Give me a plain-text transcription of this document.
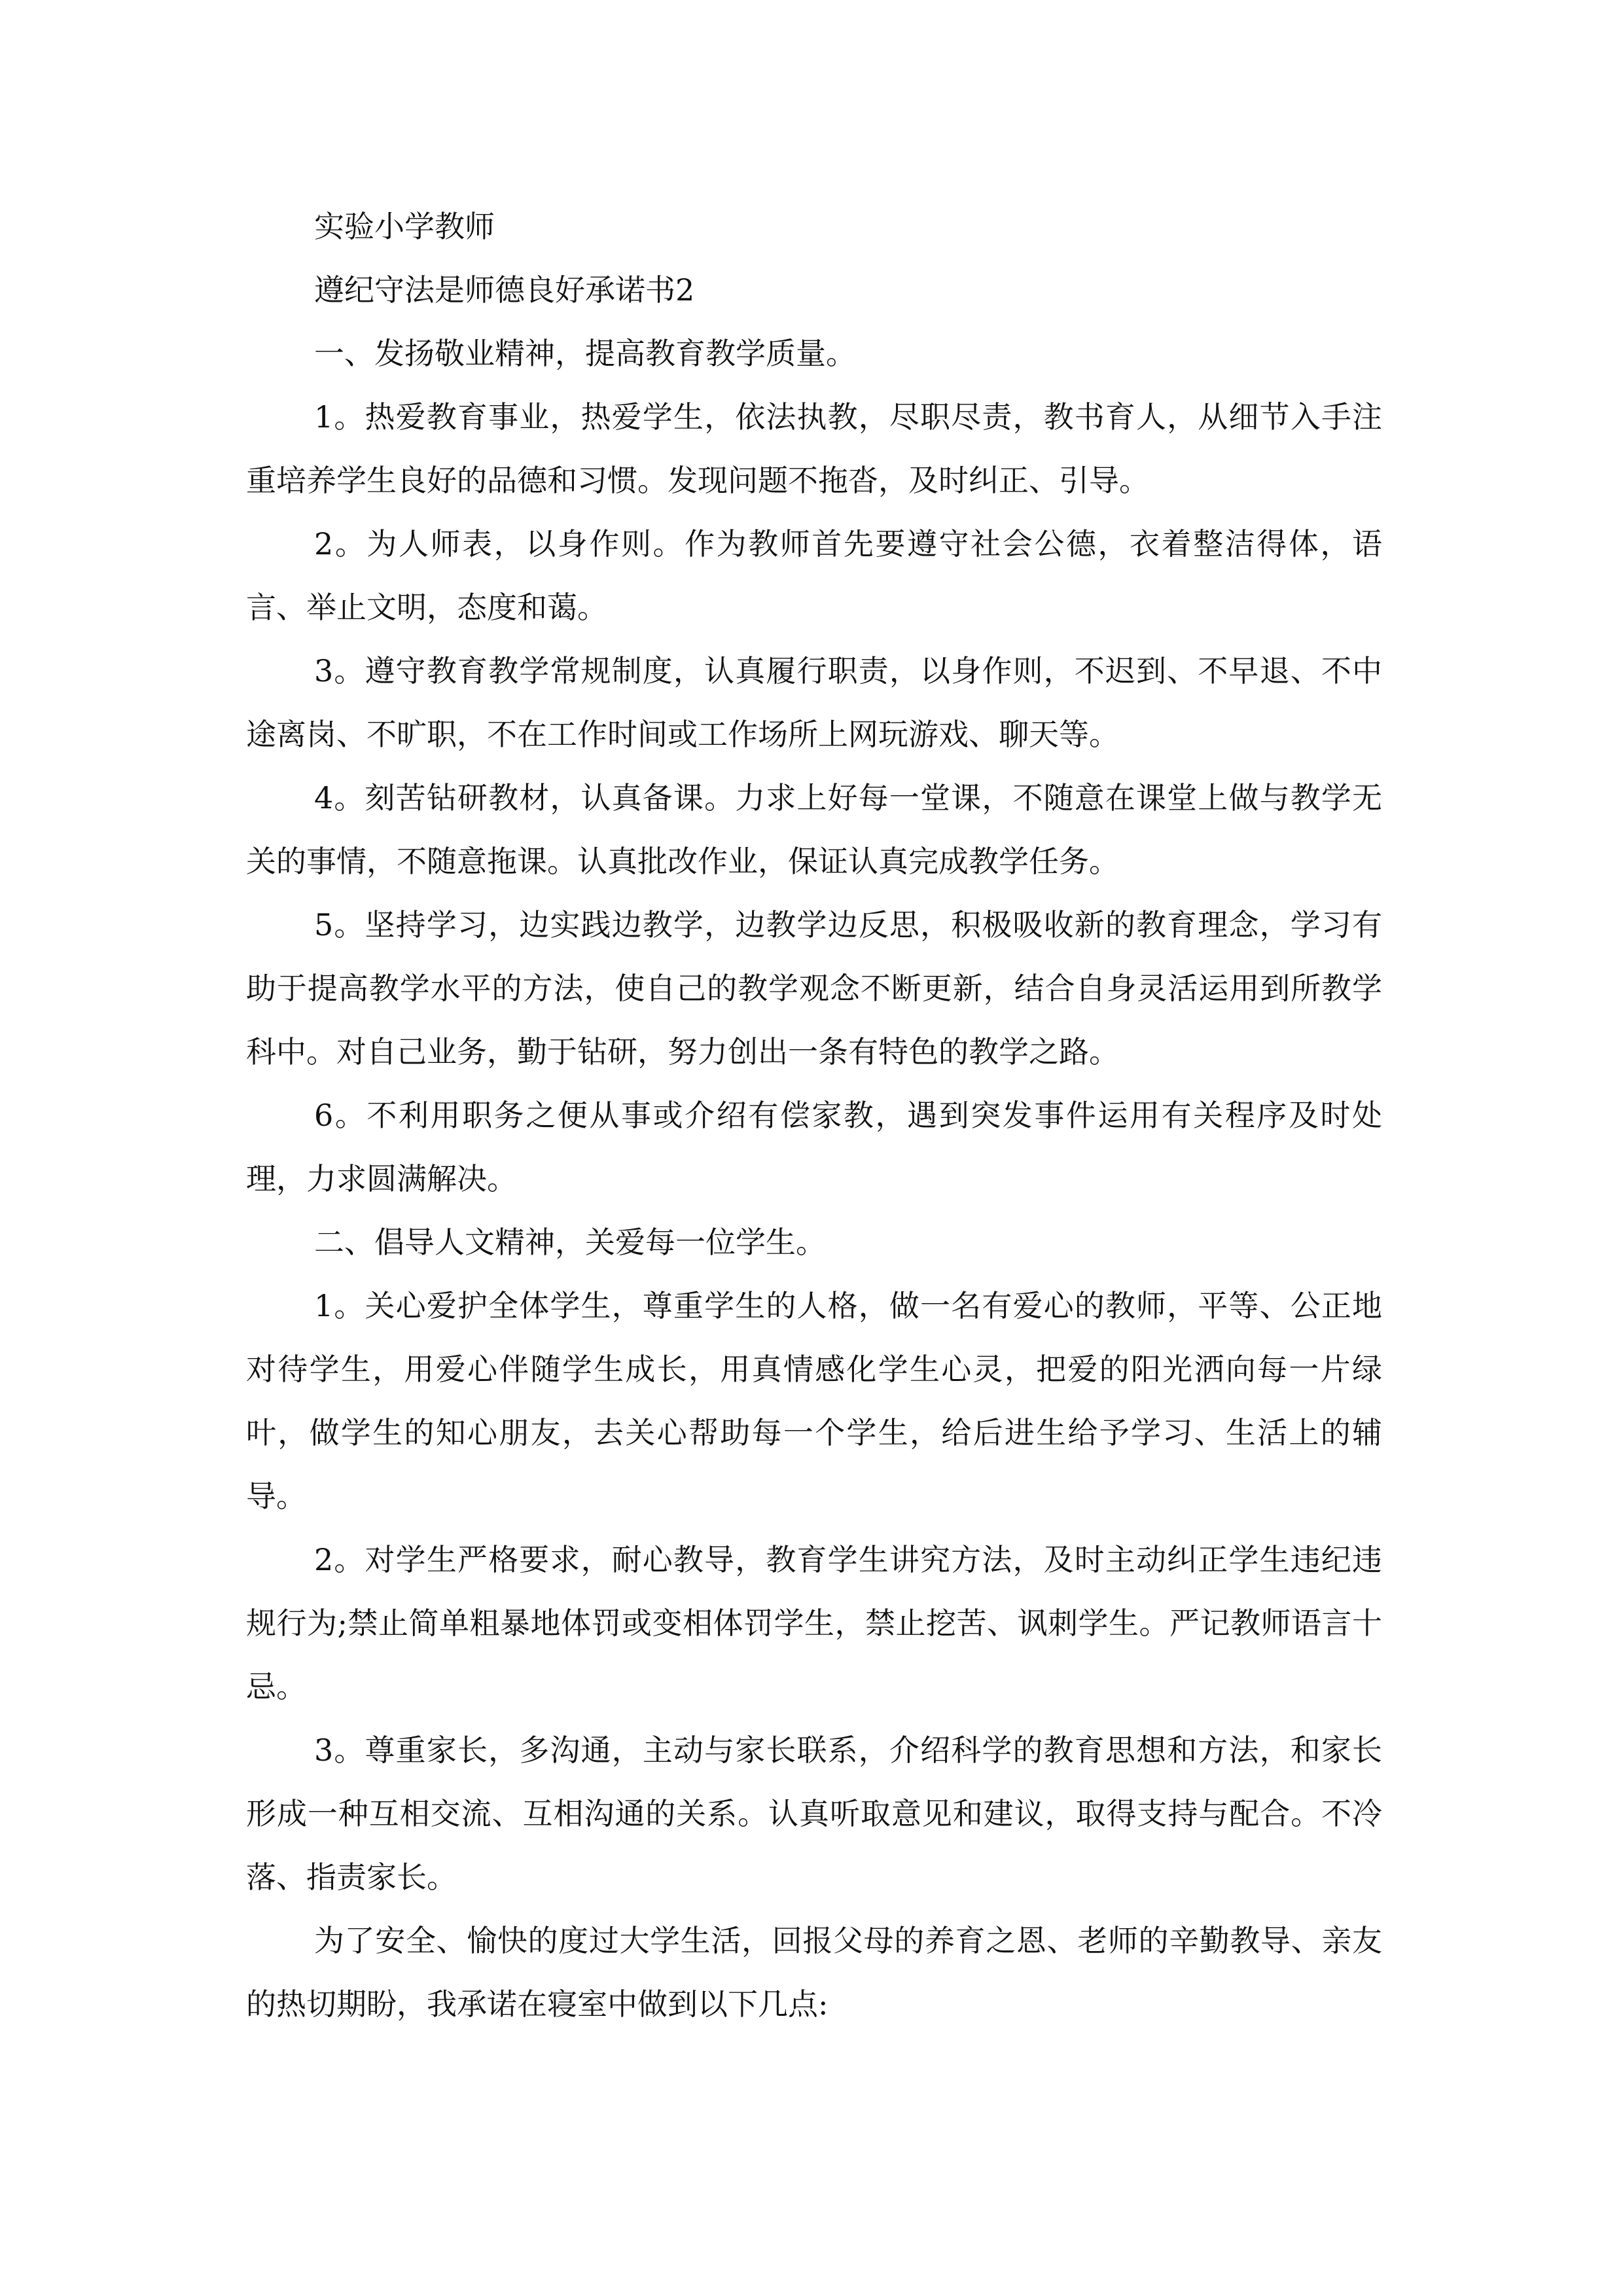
实验小学教师

遵纪守法是师德良好承诺书2

一、发扬敬业精神，提高教育教学质量。

1。热爱教育事业，热爱学生，依法执教，尽职尽责，教书育人，从细节入手注重培养学生良好的品德和习惯。发现问题不拖沓，及时纠正、引导。

2。为人师表，以身作则。作为教师首先要遵守社会公德，衣着整洁得体，语言、举止文明，态度和蔼。

3。遵守教育教学常规制度，认真履行职责，以身作则，不迟到、不早退、不中途离岗、不旷职，不在工作时间或工作场所上网玩游戏、聊天等。

4。刻苦钻研教材，认真备课。力求上好每一堂课，不随意在课堂上做与教学无关的事情，不随意拖课。认真批改作业，保证认真完成教学任务。

5。坚持学习，边实践边教学，边教学边反思，积极吸收新的教育理念，学习有助于提高教学水平的方法，使自己的教学观念不断更新，结合自身灵活运用到所教学科中。对自己业务，勤于钻研，努力创出一条有特色的教学之路。

6。不利用职务之便从事或介绍有偿家教，遇到突发事件运用有关程序及时处理，力求圆满解决。

二、倡导人文精神，关爱每一位学生。

1。关心爱护全体学生，尊重学生的人格，做一名有爱心的教师，平等、公正地对待学生，用爱心伴随学生成长，用真情感化学生心灵，把爱的阳光洒向每一片绿叶，做学生的知心朋友，去关心帮助每一个学生，给后进生给予学习、生活上的辅导。

2。对学生严格要求，耐心教导，教育学生讲究方法，及时主动纠正学生违纪违规行为;禁止简单粗暴地体罚或变相体罚学生，禁止挖苦、讽刺学生。严记教师语言十忌。

3。尊重家长，多沟通，主动与家长联系，介绍科学的教育思想和方法，和家长形成一种互相交流、互相沟通的关系。认真听取意见和建议，取得支持与配合。不冷落、指责家长。

为了安全、愉快的度过大学生活，回报父母的养育之恩、老师的辛勤教导、亲友的热切期盼，我承诺在寝室中做到以下几点:
